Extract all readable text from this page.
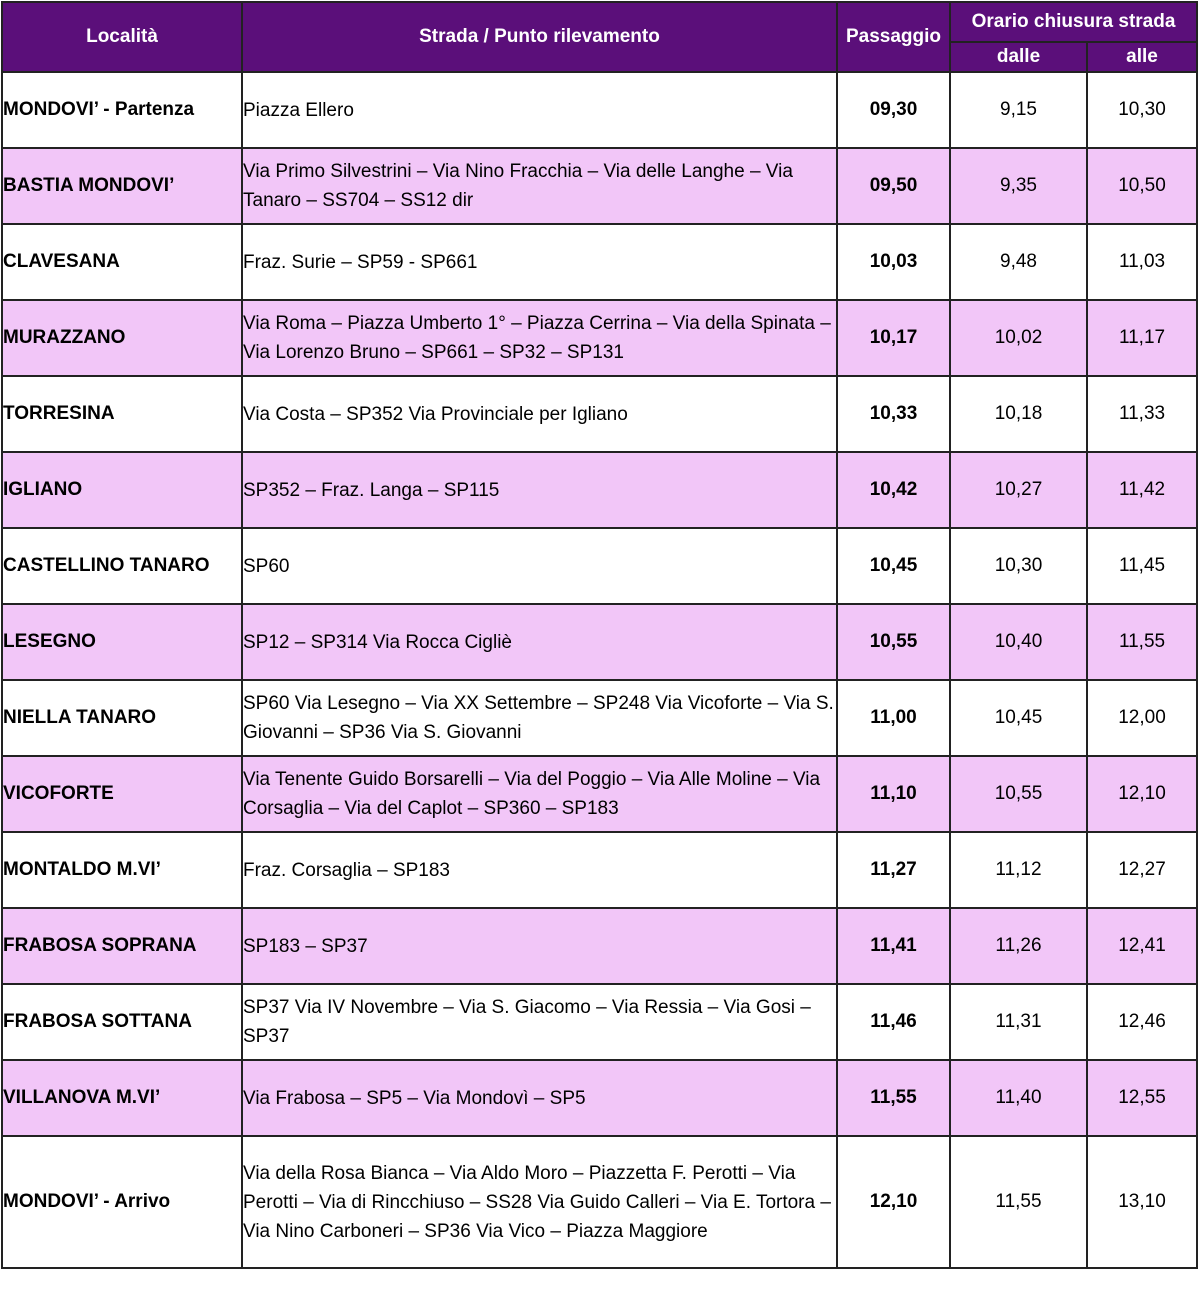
Località	Strada / Punto rilevamento	Passaggio	Orario chiusura strada	
			dalle	alle
MONDOVI’ - Partenza	Piazza Ellero	09,30	9,15	10,30
BASTIA MONDOVI’	Via Primo Silvestrini – Via Nino Fracchia – Via delle Langhe – Via Tanaro – SS704 – SS12 dir	09,50	9,35	10,50
CLAVESANA	Fraz. Surie – SP59 - SP661	10,03	9,48	11,03
MURAZZANO	Via Roma – Piazza Umberto 1° – Piazza Cerrina – Via della Spinata – Via Lorenzo Bruno – SP661 – SP32 – SP131	10,17	10,02	11,17
TORRESINA	Via Costa – SP352 Via Provinciale per Igliano	10,33	10,18	11,33
IGLIANO	SP352 – Fraz. Langa – SP115	10,42	10,27	11,42
CASTELLINO TANARO	SP60	10,45	10,30	11,45
LESEGNO	SP12 – SP314 Via Rocca Cigliè	10,55	10,40	11,55
NIELLA TANARO	SP60 Via Lesegno – Via XX Settembre – SP248 Via Vicoforte – Via S. Giovanni – SP36 Via S. Giovanni	11,00	10,45	12,00
VICOFORTE	Via Tenente Guido Borsarelli – Via del Poggio – Via Alle Moline – Via Corsaglia – Via del Caplot – SP360 – SP183	11,10	10,55	12,10
MONTALDO M.VI’	Fraz. Corsaglia – SP183	11,27	11,12	12,27
FRABOSA SOPRANA	SP183 – SP37	11,41	11,26	12,41
FRABOSA SOTTANA	SP37 Via IV Novembre – Via S. Giacomo – Via Ressia – Via Gosi – SP37	11,46	11,31	12,46
VILLANOVA M.VI’	Via Frabosa – SP5 – Via Mondovì – SP5	11,55	11,40	12,55
MONDOVI’ - Arrivo	Via della Rosa Bianca – Via Aldo Moro – Piazzetta F. Perotti – Via Perotti – Via di Rincchiuso – SS28 Via Guido Calleri – Via E. Tortora – Via Nino Carboneri – SP36 Via Vico – Piazza Maggiore	12,10	11,55	13,10
